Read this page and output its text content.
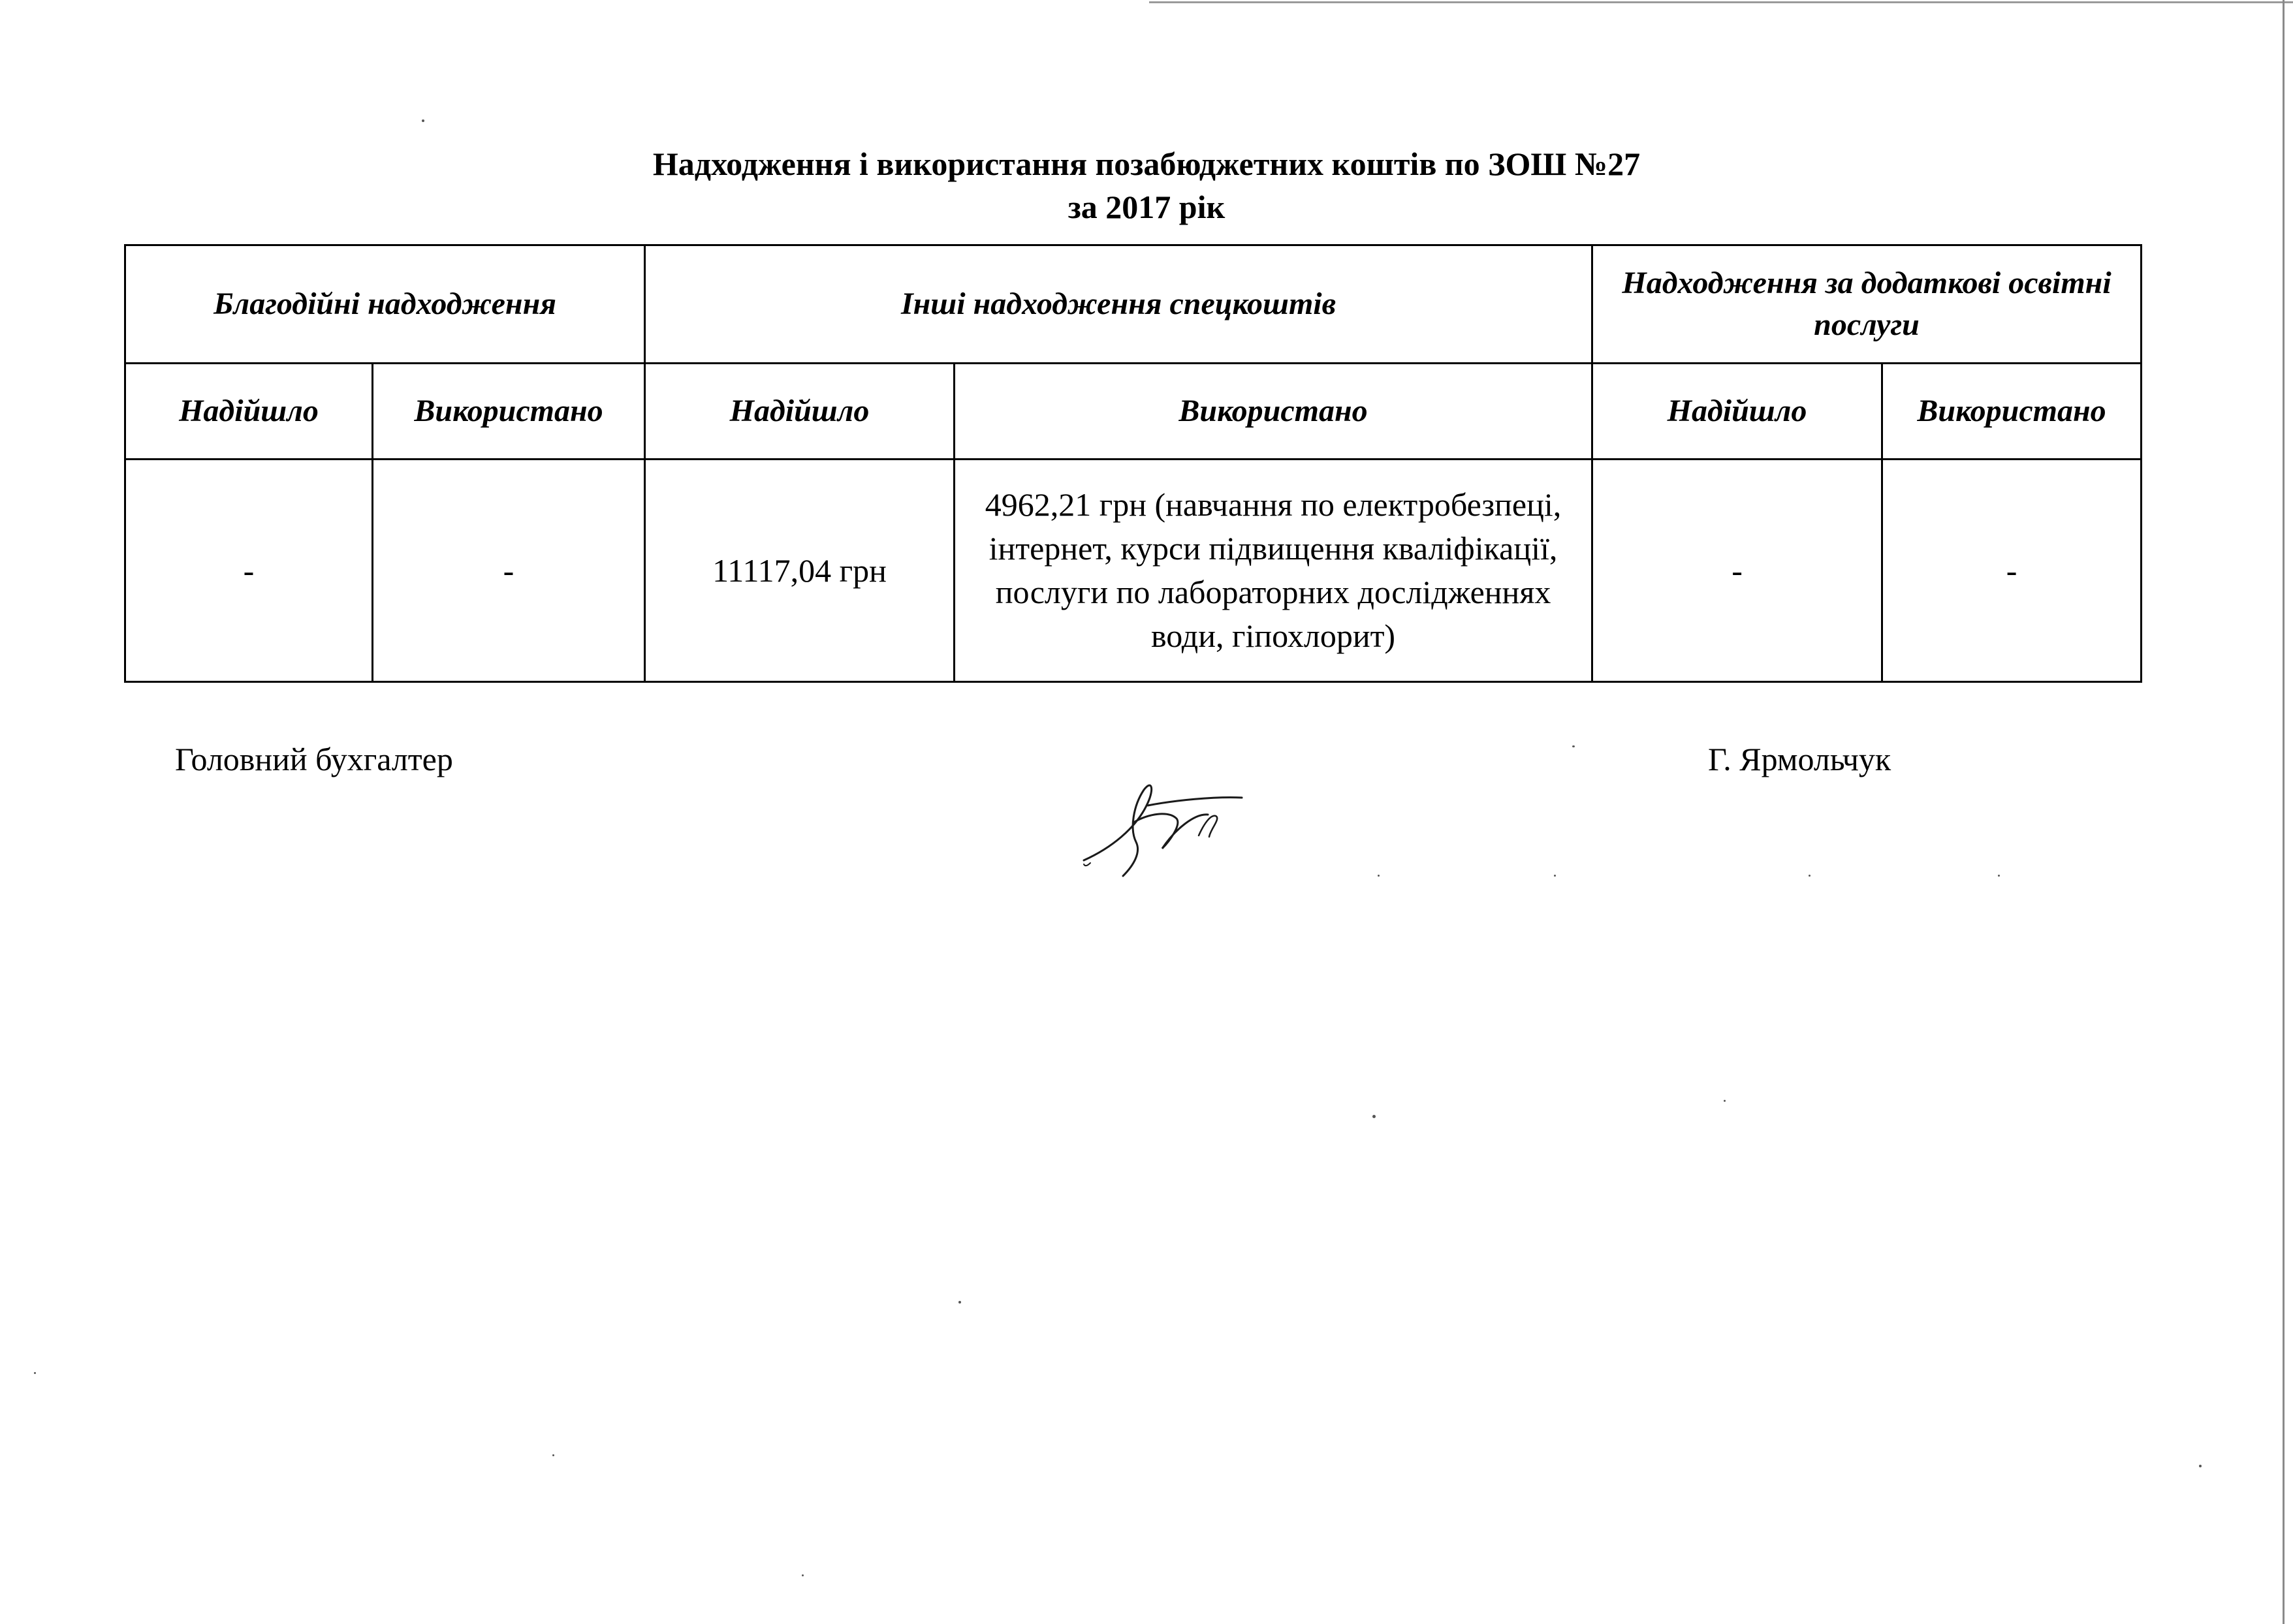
Надходження і використання позабюджетних коштів по ЗОШ №27
за 2017 рік
Благодійні надходження		Інші надходження спецкоштів		Надходження за додаткові освітні послуги	
Надійшло	Використано	Надійшло	Використано	Надійшло	Використано
-	-	11117,04 грн	4962,21 грн (навчання по електробезпеці, інтернет, курси підвищення кваліфікації, послуги по лабораторних дослідженнях води, гіпохлорит)	-	-
Головний бухгалтер	Г. Ярмольчук
